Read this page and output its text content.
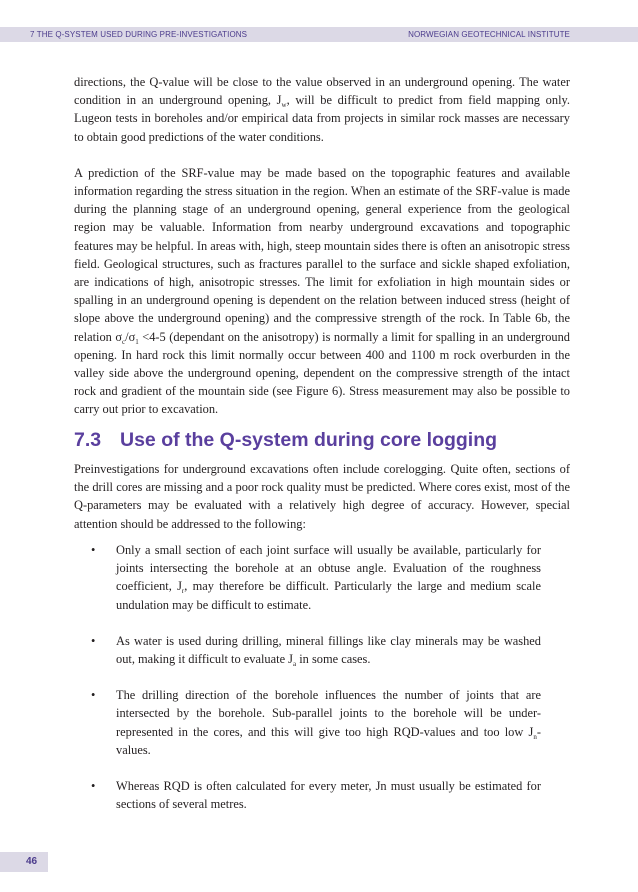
7 THE Q-SYSTEM USED DURING PRE-INVESTIGATIONS	NORWEGIAN GEOTECHNICAL INSTITUTE

directions, the Q-value will be close to the value observed in an underground opening. The water condition in an underground opening, $J_w$, will be difficult to predict from field mapping only. Lugeon tests in boreholes and/or empirical data from projects in similar rock masses are necessary to obtain good predictions of the water conditions.

A prediction of the SRF-value may be made based on the topographic features and available information regarding the stress situation in the region. When an estimate of the SRF-value is made during the planning stage of an underground opening, general experience from the geological region may be valuable. Information from nearby underground excavations and topographic features may be helpful. In areas with, high, steep mountain sides there is often an anisotropic stress field. Geological structures, such as fractures parallel to the surface and sickle shaped exfoliation, are indications of high, anisotropic stresses. The limit for exfoliation in high mountain sides or spalling in an underground opening is dependent on the relation between induced stress (height of slope above the underground opening) and the compressive strength of the rock. In Table 6b, the relation $\sigma_c/\sigma_1 <4-5$ (dependant on the anisotropy) is normally a limit for spalling in an underground opening. In hard rock this limit normally occur between 400 and 1100 m rock overburden in the valley side above the underground opening, dependent on the compressive strength of the intact rock and gradient of the mountain side (see Figure 6). Stress measurement may also be possible to carry out prior to excavation.

7.3 Use of the Q-system during core logging

Preinvestigations for underground excavations often include corelogging. Quite often, sections of the drill cores are missing and a poor rock quality must be predicted. Where cores exist, most of the Q-parameters may be evaluated with a relatively high degree of accuracy. However, special attention should be addressed to the following:

• Only a small section of each joint surface will usually be available, particularly for joints intersecting the borehole at an obtuse angle. Evaluation of the roughness coefficient, $J_r$, may therefore be difficult. Particularly the large and medium scale undulation may be difficult to estimate.
• As water is used during drilling, mineral fillings like clay minerals may be washed out, making it difficult to evaluate $J_a$ in some cases.
• The drilling direction of the borehole influences the number of joints that are intersected by the borehole. Sub-parallel joints to the borehole will be under-represented in the cores, and this will give too high RQD-values and too low $J_n$-values.
• Whereas RQD is often calculated for every meter, Jn must usually be estimated for sections of several metres.
46
